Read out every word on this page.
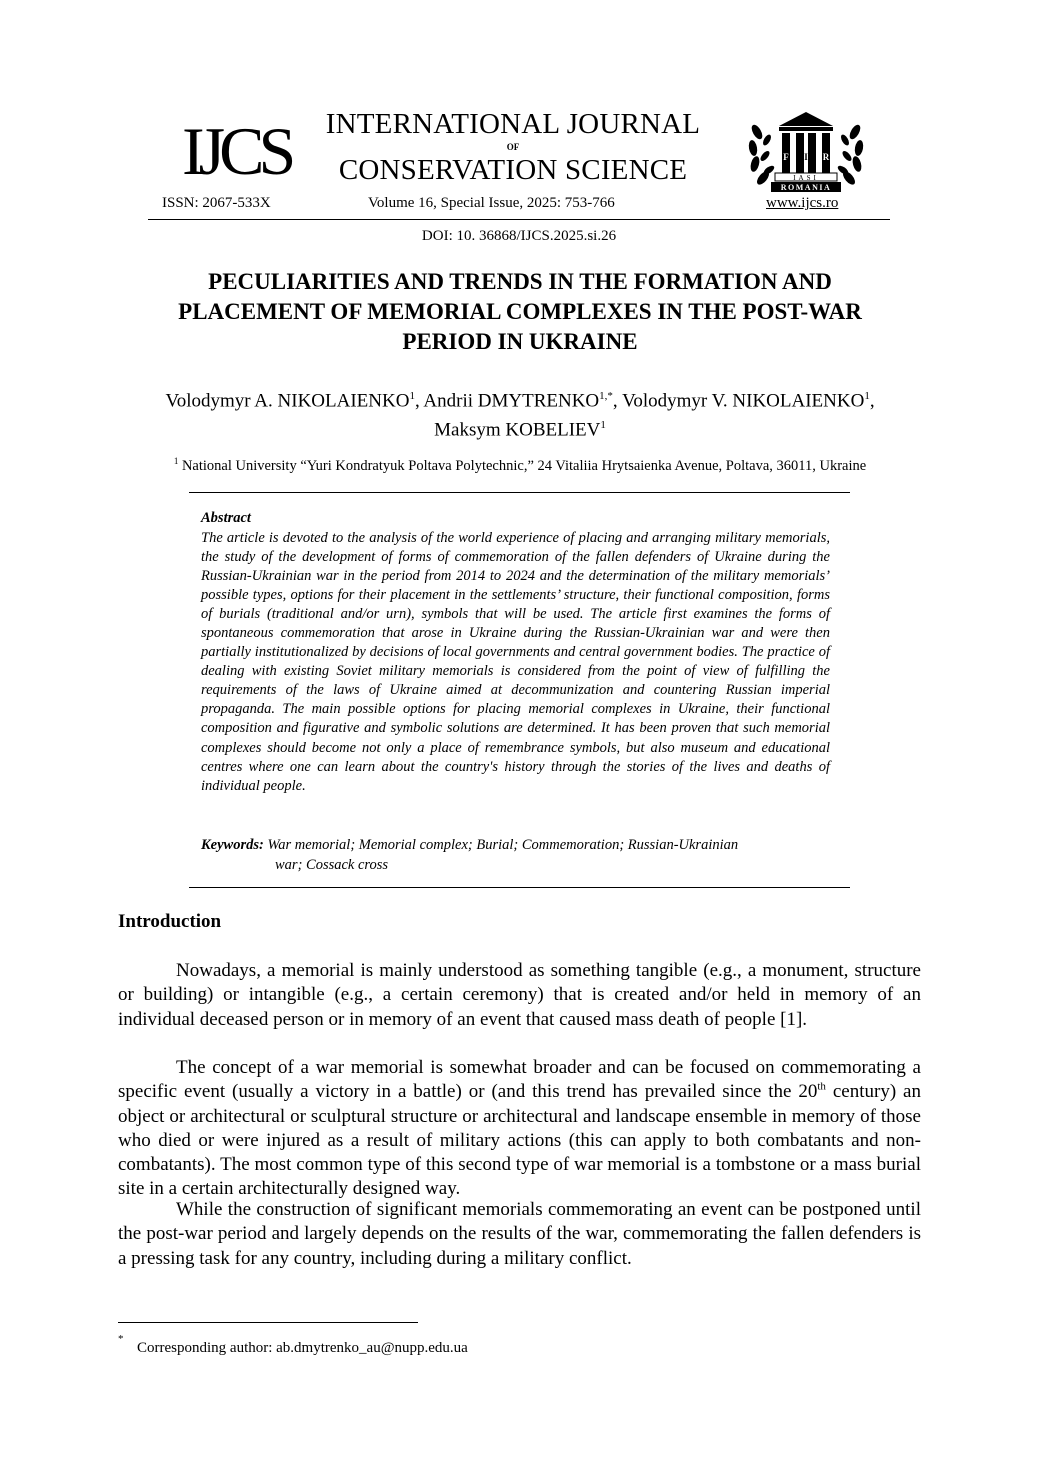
IJCS	INTERNATIONAL JOURNAL
OF
CONSERVATION SCIENCE	F I R
IASI
ROMANIA
ISSN: 2067-533X	Volume 16, Special Issue, 2025: 753-766	www.ijcs.ro
DOI: 10. 36868/IJCS.2025.si.26
PECULIARITIES AND TRENDS IN THE FORMATION AND
PLACEMENT OF MEMORIAL COMPLEXES IN THE POST-WAR
PERIOD IN UKRAINE
Volodymyr A. NIKOLAIENKO$^1$, Andrii $DMYTRENKO^{1,*}$, Volodymyr V. NIKOLAIENKO$^1$,
Maksym KOBELIEV$^1$
$^1$ National University “Yuri Kondratyuk Poltava Polytechnic,” 24 Vitaliia Hrytsaienka Avenue, Poltava, 36011, Ukraine
Abstract
The article is devoted to the analysis of the world experience of placing and arranging military memorials, the study of the development of forms of commemoration of the fallen defenders of Ukraine during the Russian-Ukrainian war in the period from 2014 to 2024 and the determination of the military memorials’ possible types, options for their placement in the settlements’ structure, their functional composition, forms of burials (traditional and/or urn), symbols that will be used. The article first examines the forms of spontaneous commemoration that arose in Ukraine during the Russian-Ukrainian war and were then partially institutionalized by decisions of local governments and central government bodies. The practice of dealing with existing Soviet military memorials is considered from the point of view of fulfilling the requirements of the laws of Ukraine aimed at decommunization and countering Russian imperial propaganda. The main possible options for placing memorial complexes in Ukraine, their functional composition and figurative and symbolic solutions are determined. It has been proven that such memorial complexes should become not only a place of remembrance symbols, but also museum and educational centres where one can learn about the country's history through the stories of the lives and deaths of individual people.
Keywords: War memorial; Memorial complex; Burial; Commemoration; Russian-Ukrainian
war; Cossack cross
Introduction
Nowadays, a memorial is mainly understood as something tangible (e.g., a monument, structure or building) or intangible (e.g., a certain ceremony) that is created and/or held in memory of an individual deceased person or in memory of an event that caused mass death of people [1].
The concept of a war memorial is somewhat broader and can be focused on commemorating a specific event (usually a victory in a battle) or (and this trend has prevailed since the 20th century) an object or architectural or sculptural structure or architectural and landscape ensemble in memory of those who died or were injured as a result of military actions (this can apply to both combatants and non-combatants). The most common type of this second type of war memorial is a tombstone or a mass burial site in a certain architecturally designed way.
While the construction of significant memorials commemorating an event can be postponed until the post-war period and largely depends on the results of the war, commemorating the fallen defenders is a pressing task for any country, including during a military conflict.
*
Corresponding author: ab.dmytrenko_au@nupp.edu.ua
